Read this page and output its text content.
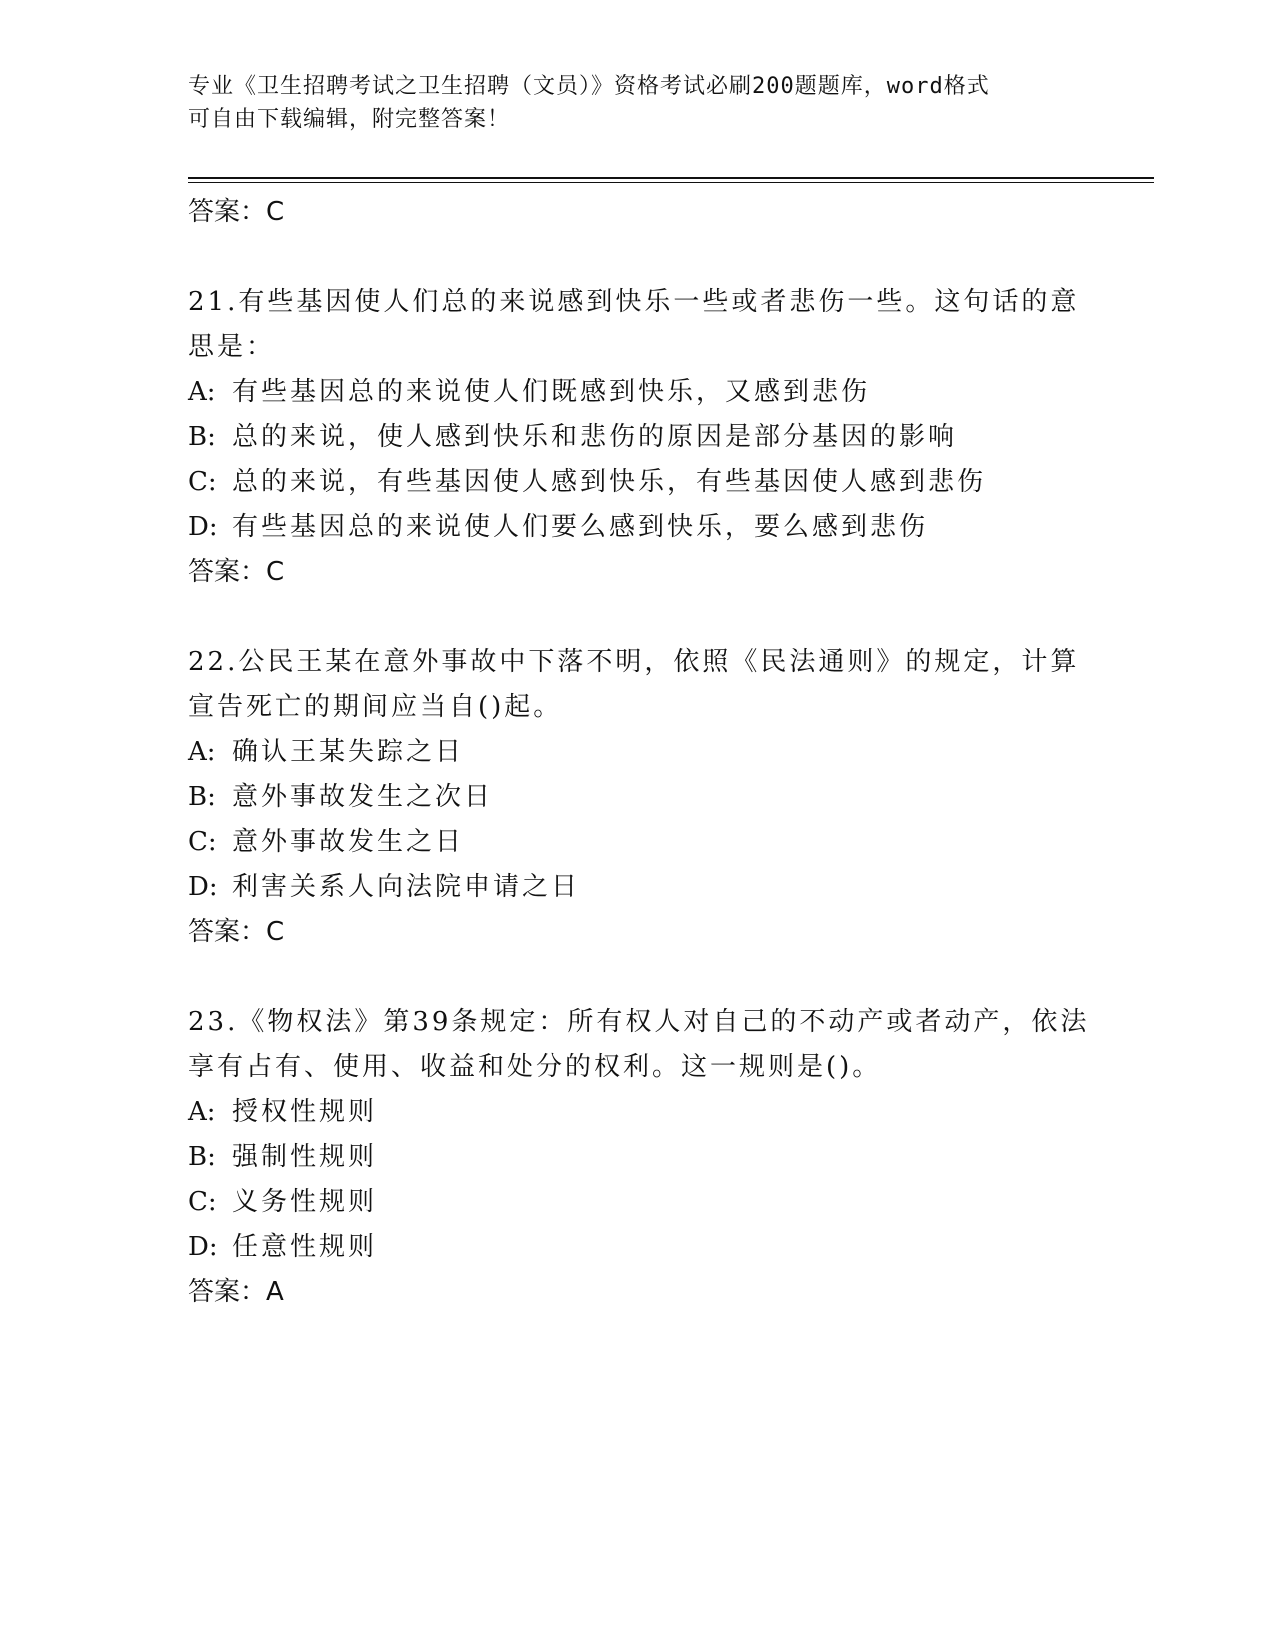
专业《卫生招聘考试之卫生招聘（文员）》资格考试必刷200题题库，word格式
可自由下载编辑，附完整答案！
答案：C
21.有些基因使人们总的来说感到快乐一些或者悲伤一些。这句话的意思是：
A: 有些基因总的来说使人们既感到快乐，又感到悲伤
B: 总的来说，使人感到快乐和悲伤的原因是部分基因的影响
C: 总的来说，有些基因使人感到快乐，有些基因使人感到悲伤
D: 有些基因总的来说使人们要么感到快乐，要么感到悲伤
答案：C
22.公民王某在意外事故中下落不明，依照《民法通则》的规定，计算宣告死亡的期间应当自()起。
A: 确认王某失踪之日
B: 意外事故发生之次日
C: 意外事故发生之日
D: 利害关系人向法院申请之日
答案：C
23.《物权法》第39条规定：所有权人对自己的不动产或者动产，依法享有占有、使用、收益和处分的权利。这一规则是()。
A: 授权性规则
B: 强制性规则
C: 义务性规则
D: 任意性规则
答案：A
